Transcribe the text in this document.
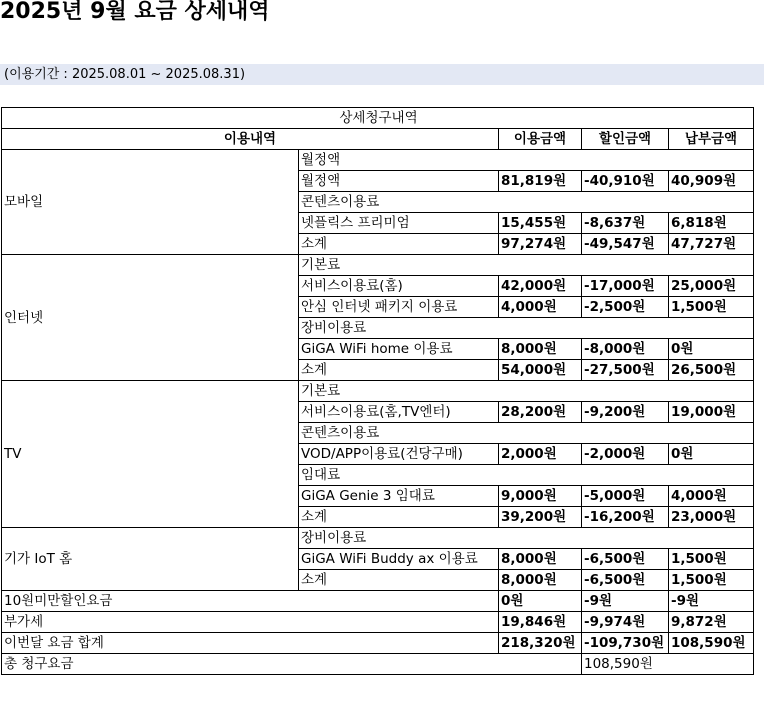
2025년 9월 요금 상세내역
(이용기간 : 2025.08.01 ~ 2025.08.31)
상세청구내역				
이용내역		이용금액	할인금액	납부금액
모바일	월정액			
	월정액	81,819원	-40,910원	40,909원
	콘텐츠이용료			
	넷플릭스 프리미엄	15,455원	-8,637원	6,818원
	소계	97,274원	-49,547원	47,727원
인터넷	기본료			
	서비스이용료(홈)	42,000원	-17,000원	25,000원
	안심 인터넷 패키지 이용료	4,000원	-2,500원	1,500원
	장비이용료			
	GiGA WiFi home 이용료	8,000원	-8,000원	0원
	소계	54,000원	-27,500원	26,500원
TV	기본료			
	서비스이용료(홈,TV엔터)	28,200원	-9,200원	19,000원
	콘텐츠이용료			
	VOD/APP이용료(건당구매)	2,000원	-2,000원	0원
	임대료			
	GiGA Genie 3 임대료	9,000원	-5,000원	4,000원
	소계	39,200원	-16,200원	23,000원
기가 IoT 홈	장비이용료			
	GiGA WiFi Buddy ax 이용료	8,000원	-6,500원	1,500원
	소계	8,000원	-6,500원	1,500원
10원미만할인요금		0원	-9원	-9원
부가세		19,846원	-9,974원	9,872원
이번달 요금 합계		218,320원	-109,730원	108,590원
총 청구요금			108,590원	
